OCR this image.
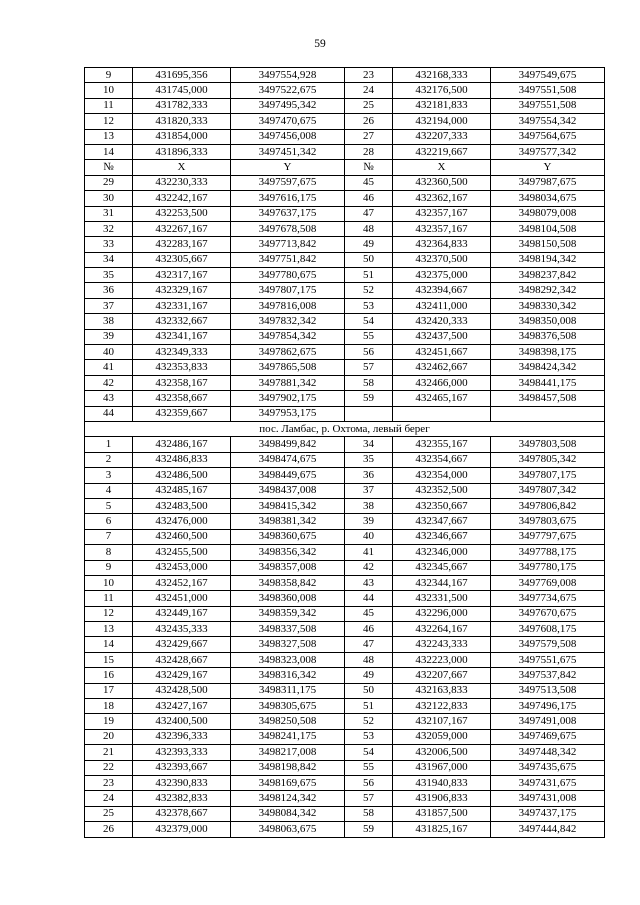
59
9	431695,356	3497554,928	23	432168,333	3497549,675
10	431745,000	3497522,675	24	432176,500	3497551,508
11	431782,333	3497495,342	25	432181,833	3497551,508
12	431820,333	3497470,675	26	432194,000	3497554,342
13	431854,000	3497456,008	27	432207,333	3497564,675
14	431896,333	3497451,342	28	432219,667	3497577,342
№	X	Y	№	X	Y
29	432230,333	3497597,675	45	432360,500	3497987,675
30	432242,167	3497616,175	46	432362,167	3498034,675
31	432253,500	3497637,175	47	432357,167	3498079,008
32	432267,167	3497678,508	48	432357,167	3498104,508
33	432283,167	3497713,842	49	432364,833	3498150,508
34	432305,667	3497751,842	50	432370,500	3498194,342
35	432317,167	3497780,675	51	432375,000	3498237,842
36	432329,167	3497807,175	52	432394,667	3498292,342
37	432331,167	3497816,008	53	432411,000	3498330,342
38	432332,667	3497832,342	54	432420,333	3498350,008
39	432341,167	3497854,342	55	432437,500	3498376,508
40	432349,333	3497862,675	56	432451,667	3498398,175
41	432353,833	3497865,508	57	432462,667	3498424,342
42	432358,167	3497881,342	58	432466,000	3498441,175
43	432358,667	3497902,175	59	432465,167	3498457,508
44	432359,667	3497953,175			
пос. Ламбас, р. Охтома, левый берег					
1	432486,167	3498499,842	34	432355,167	3497803,508
2	432486,833	3498474,675	35	432354,667	3497805,342
3	432486,500	3498449,675	36	432354,000	3497807,175
4	432485,167	3498437,008	37	432352,500	3497807,342
5	432483,500	3498415,342	38	432350,667	3497806,842
6	432476,000	3498381,342	39	432347,667	3497803,675
7	432460,500	3498360,675	40	432346,667	3497797,675
8	432455,500	3498356,342	41	432346,000	3497788,175
9	432453,000	3498357,008	42	432345,667	3497780,175
10	432452,167	3498358,842	43	432344,167	3497769,008
11	432451,000	3498360,008	44	432331,500	3497734,675
12	432449,167	3498359,342	45	432296,000	3497670,675
13	432435,333	3498337,508	46	432264,167	3497608,175
14	432429,667	3498327,508	47	432243,333	3497579,508
15	432428,667	3498323,008	48	432223,000	3497551,675
16	432429,167	3498316,342	49	432207,667	3497537,842
17	432428,500	3498311,175	50	432163,833	3497513,508
18	432427,167	3498305,675	51	432122,833	3497496,175
19	432400,500	3498250,508	52	432107,167	3497491,008
20	432396,333	3498241,175	53	432059,000	3497469,675
21	432393,333	3498217,008	54	432006,500	3497448,342
22	432393,667	3498198,842	55	431967,000	3497435,675
23	432390,833	3498169,675	56	431940,833	3497431,675
24	432382,833	3498124,342	57	431906,833	3497431,008
25	432378,667	3498084,342	58	431857,500	3497437,175
26	432379,000	3498063,675	59	431825,167	3497444,842
